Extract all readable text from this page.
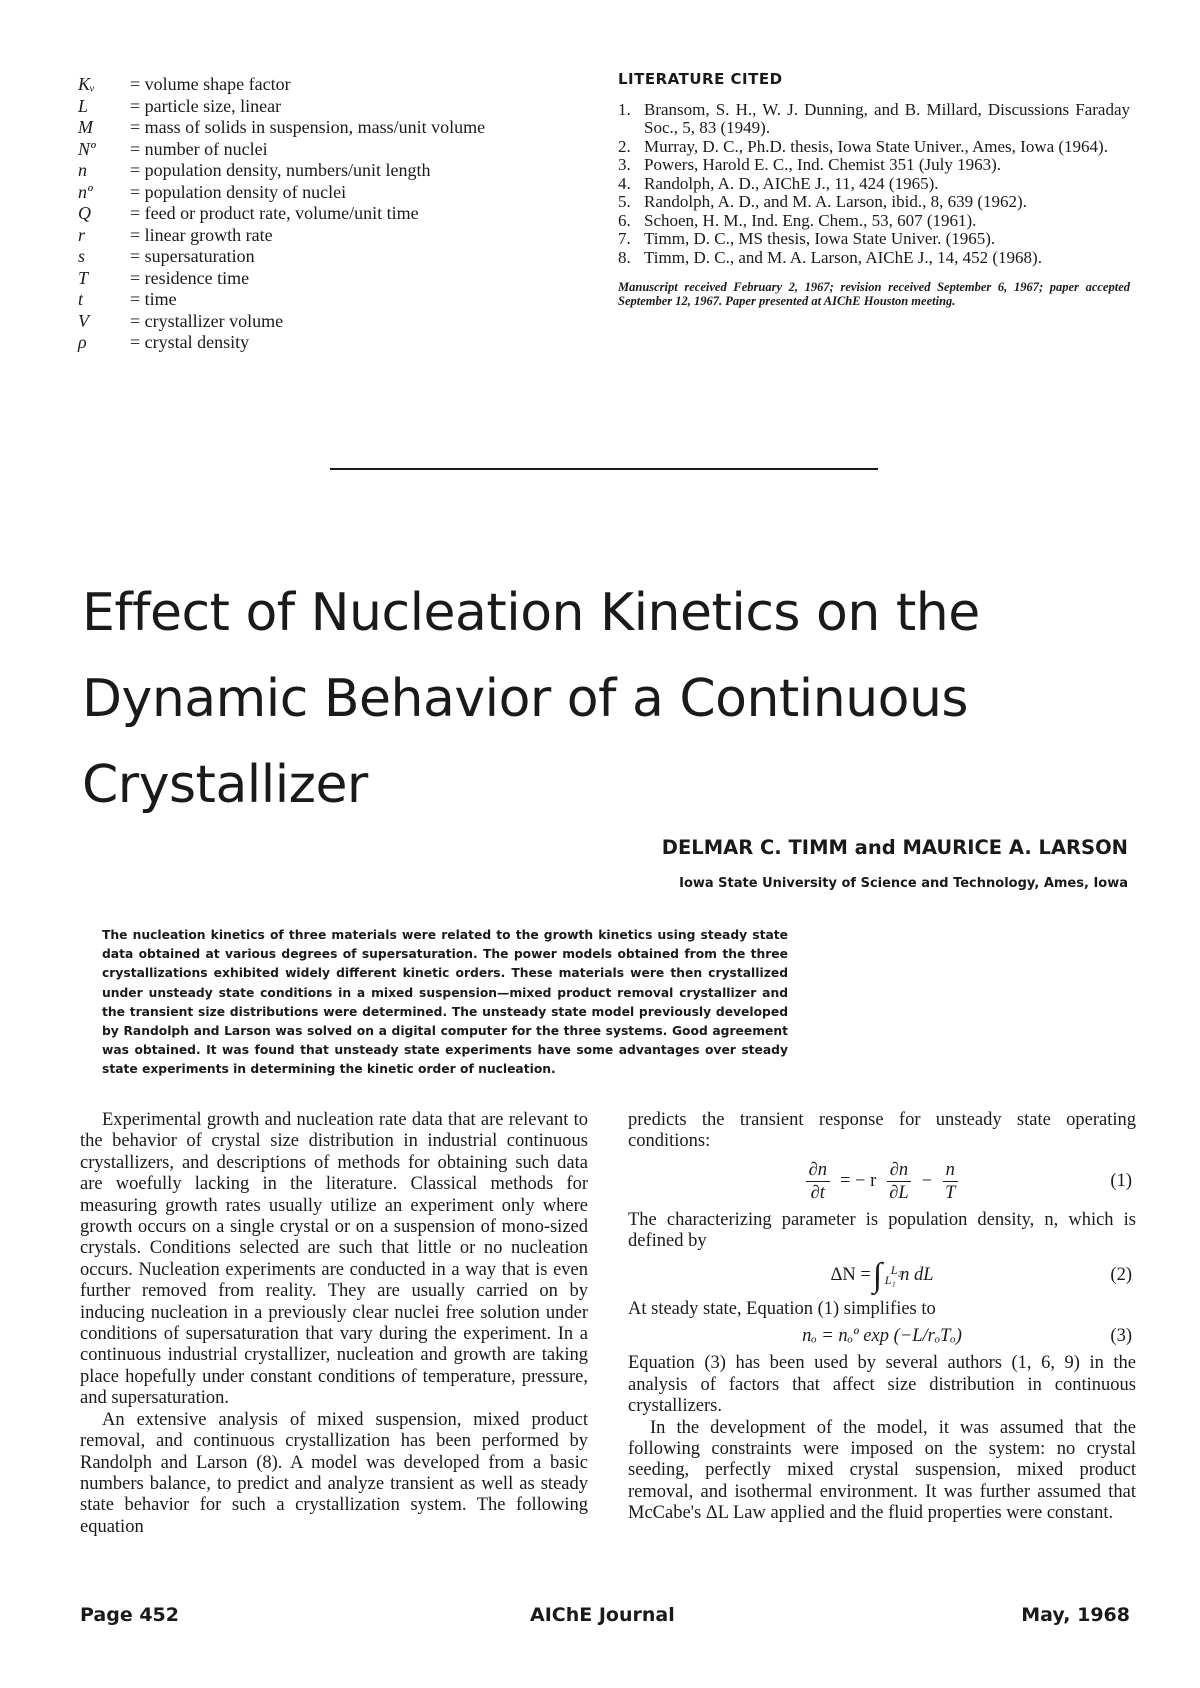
Kᵥ	= volume shape factor
L	= particle size, linear
M	= mass of solids in suspension, mass/unit volume
Nº	= number of nuclei
n	= population density, numbers/unit length
nº	= population density of nuclei
Q	= feed or product rate, volume/unit time
r	= linear growth rate
s	= supersaturation
T	= residence time
t	= time
V	= crystallizer volume
ρ	= crystal density
LITERATURE CITED
1. Bransom, S. H., W. J. Dunning, and B. Millard, Discussions Faraday Soc., 5, 83 (1949).
2. Murray, D. C., Ph.D. thesis, Iowa State Univer., Ames, Iowa (1964).
3. Powers, Harold E. C., Ind. Chemist 351 (July 1963).
4. Randolph, A. D., AIChE J., 11, 424 (1965).
5. Randolph, A. D., and M. A. Larson, ibid., 8, 639 (1962).
6. Schoen, H. M., Ind. Eng. Chem., 53, 607 (1961).
7. Timm, D. C., MS thesis, Iowa State Univer. (1965).
8. Timm, D. C., and M. A. Larson, AIChE J., 14, 452 (1968).
Manuscript received February 2, 1967; revision received September 6, 1967; paper accepted September 12, 1967. Paper presented at AIChE Houston meeting.
Effect of Nucleation Kinetics on the
Dynamic Behavior of a Continuous
Crystallizer
DELMAR C. TIMM and MAURICE A. LARSON
Iowa State University of Science and Technology, Ames, Iowa
The nucleation kinetics of three materials were related to the growth kinetics using steady state data obtained at various degrees of supersaturation. The power models obtained from the three crystallizations exhibited widely different kinetic orders. These materials were then crystallized under unsteady state conditions in a mixed suspension—mixed product removal crystallizer and the transient size distributions were determined. The unsteady state model previously developed by Randolph and Larson was solved on a digital computer for the three systems. Good agreement was obtained. It was found that unsteady state experiments have some advantages over steady state experiments in determining the kinetic order of nucleation.

Experimental growth and nucleation rate data that are relevant to the behavior of crystal size distribution in industrial continuous crystallizers, and descriptions of methods for obtaining such data are woefully lacking in the literature. Classical methods for measuring growth rates usually utilize an experiment only where growth occurs on a single crystal or on a suspension of mono-sized crystals. Conditions selected are such that little or no nucleation occurs. Nucleation experiments are conducted in a way that is even further removed from reality. They are usually carried on by inducing nucleation in a previously clear nuclei free solution under conditions of supersaturation that vary during the experiment. In a continuous industrial crystallizer, nucleation and growth are taking place hopefully under constant conditions of temperature, pressure, and supersaturation.

An extensive analysis of mixed suspension, mixed product removal, and continuous crystallization has been performed by Randolph and Larson (8). A model was developed from a basic numbers balance, to predict and analyze transient as well as steady state behavior for such a crystallization system. The following equation

predicts the transient response for unsteady state operating conditions:

$\frac{\partial n}{\partial t}$ = − r $\frac{\partial n}{\partial L} - \frac{n}{T}$	(1)

The characterizing parameter is population density, n, which is defined by

ΔN = ∫ L₂
L₁ n dL	(2)

At steady state, Equation (1) simplifies to

nₒ = nₒº exp (−L/rₒTₒ)	(3)

Equation (3) has been used by several authors (1, 6, 9) in the analysis of factors that affect size distribution in continuous crystallizers.

In the development of the model, it was assumed that the following constraints were imposed on the system: no crystal seeding, perfectly mixed crystal suspension, mixed product removal, and isothermal environment. It was further assumed that McCabe's ΔL Law applied and the fluid properties were constant.

Page 452	AIChE Journal	May, 1968
